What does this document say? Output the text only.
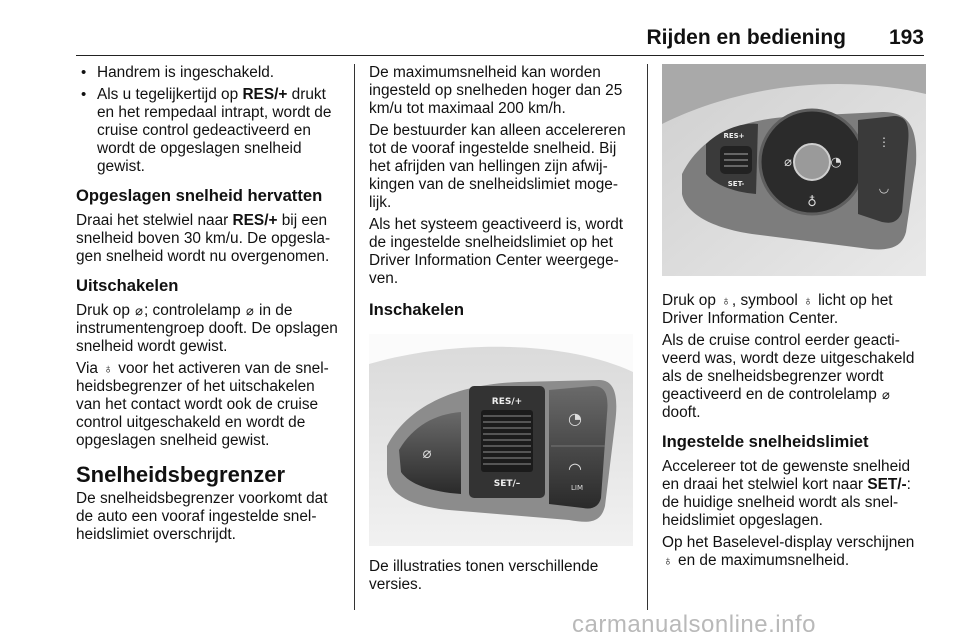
Rijden en bediening 193
• Handrem is ingeschakeld.
• Als u tegelijkertijd op RES/+ drukt en het rempedaal intrapt, wordt de cruise control gedeactiveerd en wordt de opgeslagen snelheid gewist.
Opgeslagen snelheid hervatten
Draai het stelwiel naar RES/+ bij een snelheid boven 30 km/u. De opgeslagen snelheid wordt nu overgenomen.
Uitschakelen
Druk op ⌀; controlelamp ⌀ in de instrumentengroep dooft. De opslagen snelheid wordt gewist.
Via ♁ voor het activeren van de snelheidsbegrenzer of het uitschakelen van het contact wordt ook de cruise control uitgeschakeld en wordt de opgeslagen snelheid gewist.
Snelheidsbegrenzer
De snelheidsbegrenzer voorkomt dat de auto een vooraf ingestelde snelheidslimiet overschrijdt.
De maximumsnelheid kan worden ingesteld op snelheden hoger dan 25 km/u tot maximaal 200 km/h.
De bestuurder kan alleen accelereren tot de vooraf ingestelde snelheid. Bij het afrijden van hellingen zijn afwijkingen van de snelheidslimiet mogelijk.
Als het systeem geactiveerd is, wordt de ingestelde snelheidslimiet op het Driver Information Center weergegeven.
Inschakelen
⌀
RES/+
SET/–
◔
◠
LIM
De illustraties tonen verschillende versies.
RES+
SET-
⌀	◔
♁
⋮
◡
Druk op ♁, symbool ♁ licht op het Driver Information Center.
Als de cruise control eerder geactiveerd was, wordt deze uitgeschakeld als de snelheidsbegrenzer wordt geactiveerd en de controlelamp ⌀ dooft.
Ingestelde snelheidslimiet
Accelereer tot de gewenste snelheid en draai het stelwiel kort naar SET/-: de huidige snelheid wordt als snelheidslimiet opgeslagen.
Op het Baselevel-display verschijnen ♁ en de maximumsnelheid.
carmanualsonline.info
